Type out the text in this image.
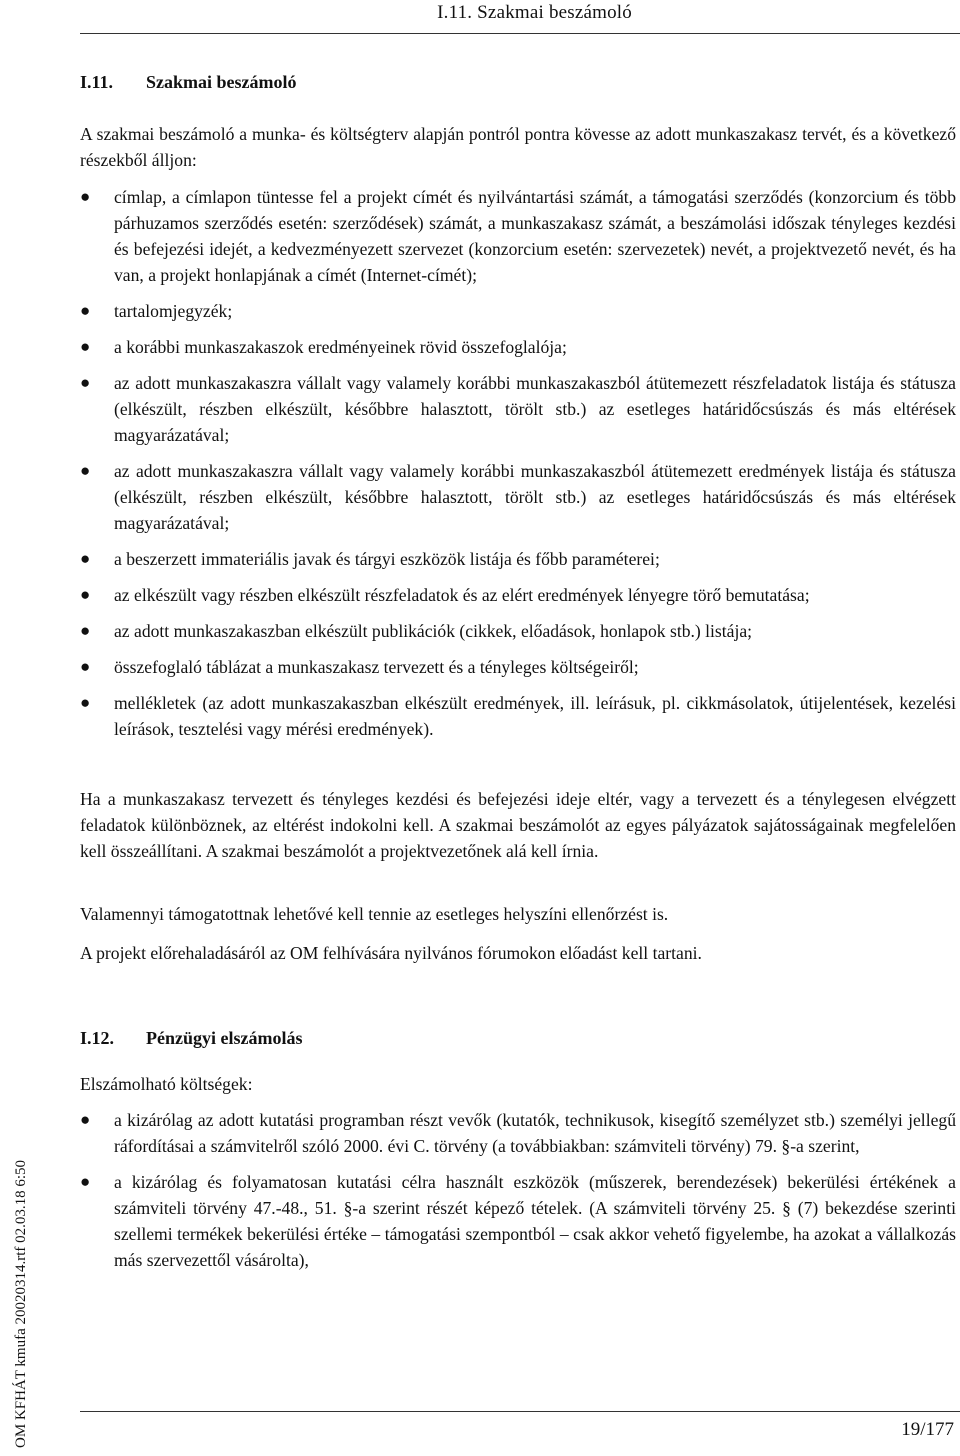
I.11. Szakmai beszámoló
I.11. Szakmai beszámoló

A szakmai beszámoló a munka- és költségterv alapján pontról pontra kövesse az adott munkaszakasz tervét, és a következő részekből álljon:

●	címlap, a címlapon tüntesse fel a projekt címét és nyilvántartási számát, a támogatási szerződés (konzorcium és több párhuzamos szerződés esetén: szerződések) számát, a munkaszakasz számát, a beszámolási időszak tényleges kezdési és befejezési idejét, a kedvezményezett szervezet (konzorcium esetén: szervezetek) nevét, a projektvezető nevét, és ha van, a projekt honlapjának a címét (Internet-címét);
●	tartalomjegyzék;
●	a korábbi munkaszakaszok eredményeinek rövid összefoglalója;
●	az adott munkaszakaszra vállalt vagy valamely korábbi munkaszakaszból átütemezett részfeladatok listája és státusza (elkészült, részben elkészült, későbbre halasztott, törölt stb.) az esetleges határidőcsúszás és más eltérések magyarázatával;
●	az adott munkaszakaszra vállalt vagy valamely korábbi munkaszakaszból átütemezett eredmények listája és státusza (elkészült, részben elkészült, későbbre halasztott, törölt stb.) az esetleges határidőcsúszás és más eltérések magyarázatával;
●	a beszerzett immateriális javak és tárgyi eszközök listája és főbb paraméterei;
●	az elkészült vagy részben elkészült részfeladatok és az elért eredmények lényegre törő bemutatása;
●	az adott munkaszakaszban elkészült publikációk (cikkek, előadások, honlapok stb.) listája;
●	összefoglaló táblázat a munkaszakasz tervezett és a tényleges költségeiről;
●	mellékletek (az adott munkaszakaszban elkészült eredmények, ill. leírásuk, pl. cikkmásolatok, útijelentések, kezelési leírások, tesztelési vagy mérési eredmények).

Ha a munkaszakasz tervezett és tényleges kezdési és befejezési ideje eltér, vagy a tervezett és a ténylegesen elvégzett feladatok különböznek, az eltérést indokolni kell. A szakmai beszámolót az egyes pályázatok sajátosságainak megfelelően kell összeállítani. A szakmai beszámolót a projektvezetőnek alá kell írnia.

Valamennyi támogatottnak lehetővé kell tennie az esetleges helyszíni ellenőrzést is.

A projekt előrehaladásáról az OM felhívására nyilvános fórumokon előadást kell tartani.

I.12. Pénzügyi elszámolás

Elszámolható költségek:

●	a kizárólag az adott kutatási programban részt vevők (kutatók, technikusok, kisegítő személyzet stb.) személyi jellegű ráfordításai a számvitelről szóló 2000. évi C. törvény (a továbbiakban: számviteli törvény) 79. §-a szerint,
●	a kizárólag és folyamatosan kutatási célra használt eszközök (műszerek, berendezések) bekerülési értékének a számviteli törvény 47.-48., 51. §-a szerint részét képező tételek. (A számviteli törvény 25. § (7) bekezdése szerinti szellemi termékek bekerülési értéke – támogatási szempontból – csak akkor vehető figyelembe, ha azokat a vállalkozás más szervezettől vásárolta),
19/177
OM KFHÁT kmufa 20020314.rtf 02.03.18 6:50
